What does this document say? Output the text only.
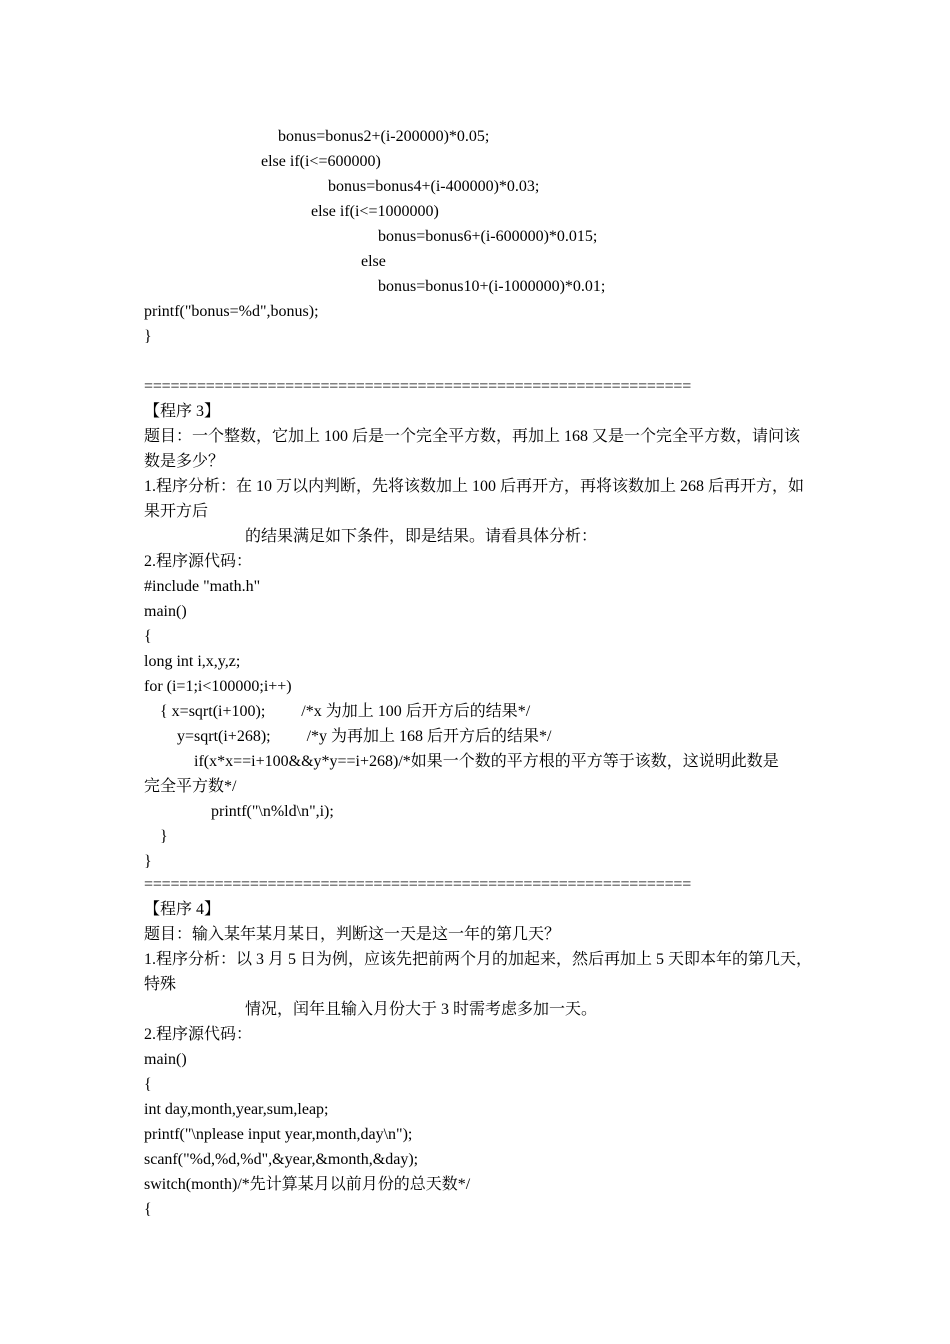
bonus=bonus2+(i-200000)*0.05;
else if(i<=600000)
bonus=bonus4+(i-400000)*0.03;
else if(i<=1000000)
bonus=bonus6+(i-600000)*0.015;
else
bonus=bonus10+(i-1000000)*0.01;
printf("bonus=%d",bonus);
}
==============================================================
【程序 3】
题目：一个整数，它加上 100 后是一个完全平方数，再加上 168 又是一个完全平方数，请问该
数是多少？
1.程序分析：在 10 万以内判断，先将该数加上 100 后再开方，再将该数加上 268 后再开方，如
果开方后
的结果满足如下条件，即是结果。请看具体分析：
2.程序源代码：
#include "math.h"
main()
{
long int i,x,y,z;
for (i=1;i<100000;i++)
{ x=sqrt(i+100);         /*x 为加上 100 后开方后的结果*/
y=sqrt(i+268);         /*y 为再加上 168 后开方后的结果*/
if(x*x==i+100&&y*y==i+268)/*如果一个数的平方根的平方等于该数，这说明此数是
完全平方数*/
printf("\n%ld\n",i);
}
}
==============================================================
【程序 4】
题目：输入某年某月某日，判断这一天是这一年的第几天？
1.程序分析：以 3 月 5 日为例，应该先把前两个月的加起来，然后再加上 5 天即本年的第几天，
特殊
情况，闰年且输入月份大于 3 时需考虑多加一天。
2.程序源代码：
main()
{
int day,month,year,sum,leap;
printf("\nplease input year,month,day\n");
scanf("%d,%d,%d",&year,&month,&day);
switch(month)/*先计算某月以前月份的总天数*/
{
